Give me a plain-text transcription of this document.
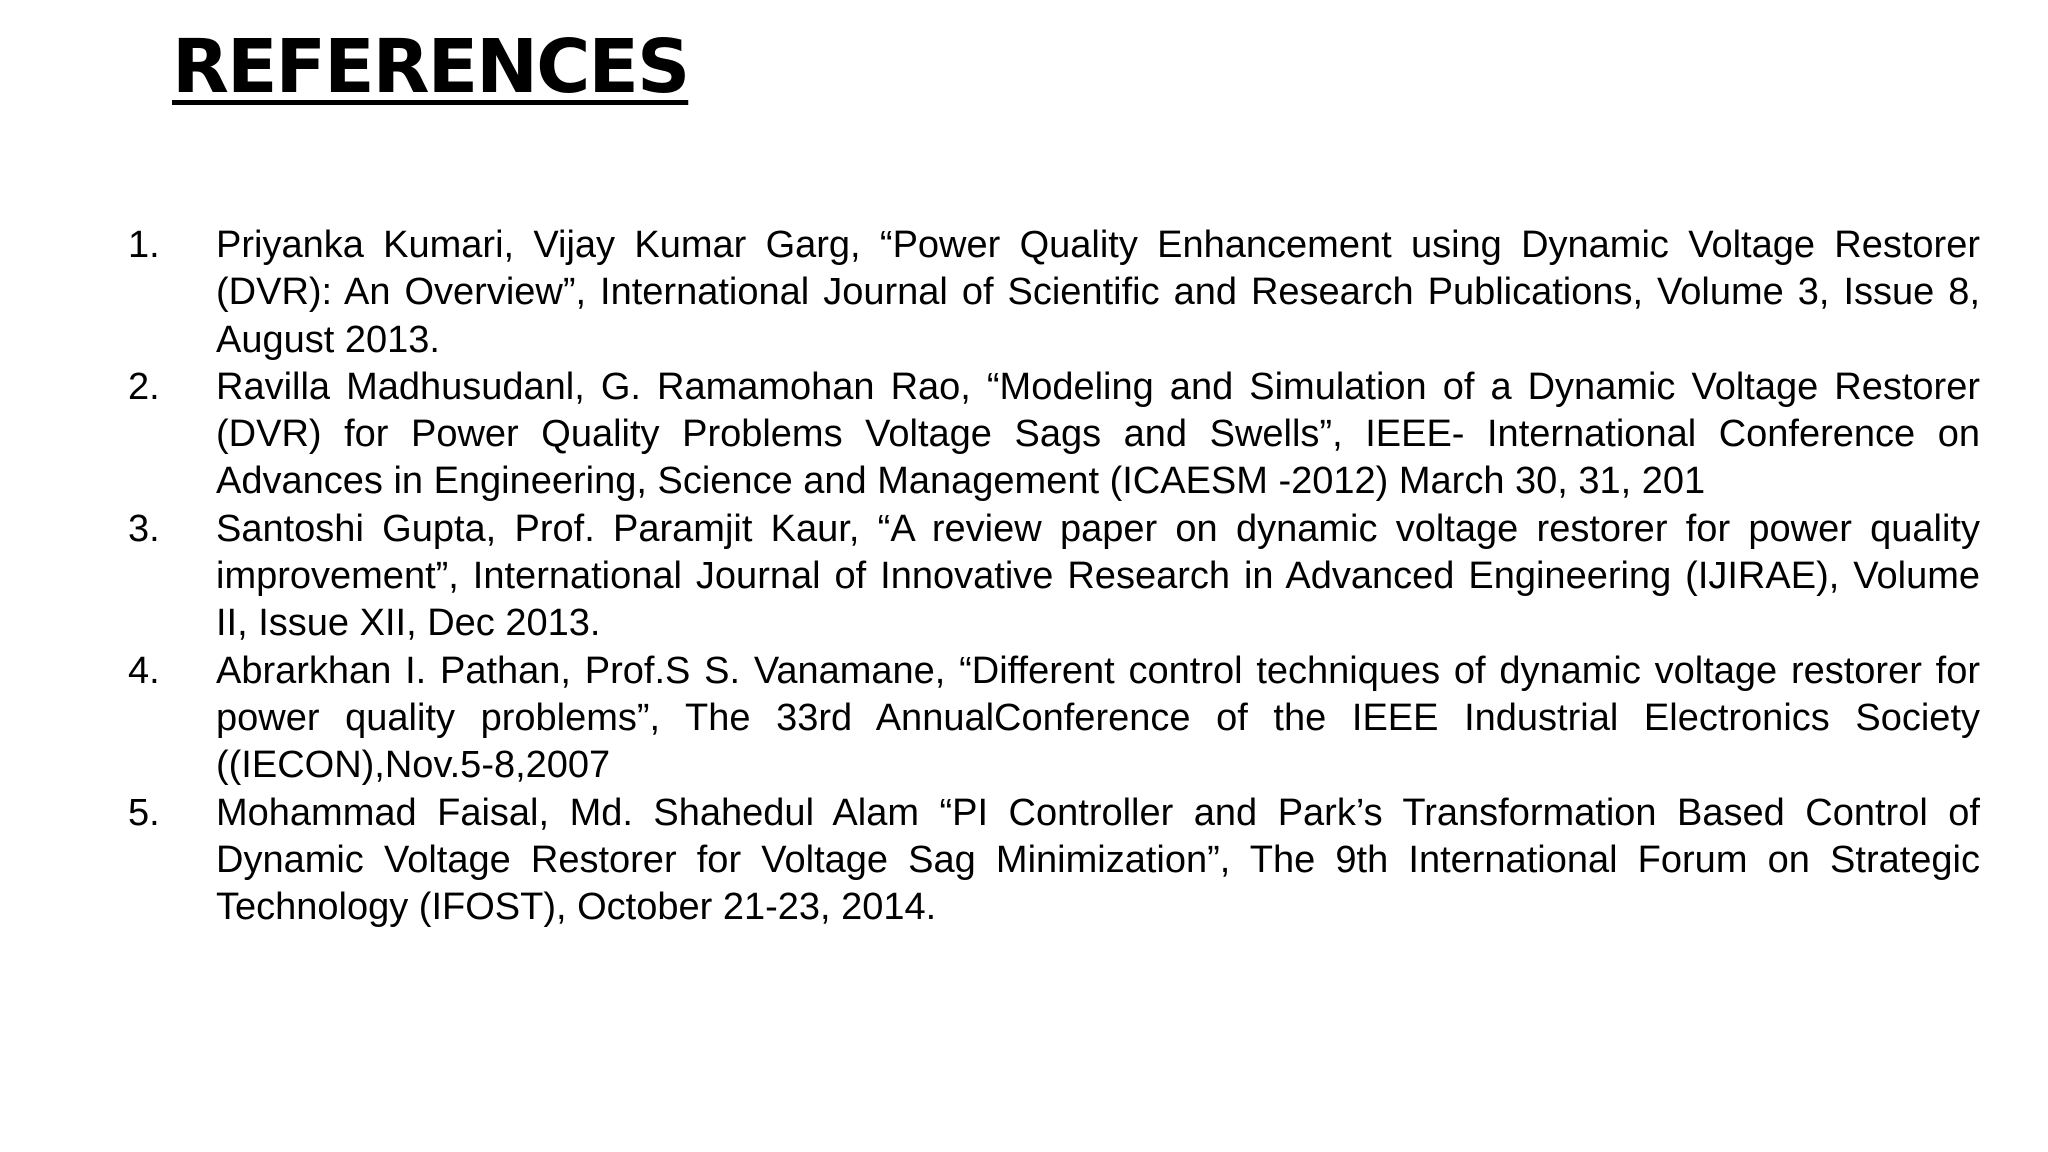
REFERENCES
1.	Priyanka Kumari, Vijay Kumar Garg, “Power Quality Enhancement using Dynamic Voltage Restorer (DVR): An Overview”, International Journal of Scientific and Research Publications, Volume 3, Issue 8, August 2013.
2.	Ravilla Madhusudanl, G. Ramamohan Rao, “Modeling and Simulation of a Dynamic Voltage Restorer (DVR) for Power Quality Problems Voltage Sags and Swells”, IEEE- International Conference on Advances in Engineering, Science and Management (ICAESM -2012) March 30, 31, 201
3.	Santoshi Gupta, Prof. Paramjit Kaur, “A review paper on dynamic voltage restorer for power quality improvement”, International Journal of Innovative Research in Advanced Engineering (IJIRAE), Volume II, Issue XII, Dec 2013.
4.	Abrarkhan I. Pathan, Prof.S S. Vanamane, “Different control techniques of dynamic voltage restorer for power quality problems”, The 33rd AnnualConference of the IEEE Industrial Electronics Society ((IECON),Nov.5-8,2007
5.	Mohammad Faisal, Md. Shahedul Alam “PI Controller and Park’s Transformation Based Control of Dynamic Voltage Restorer for Voltage Sag Minimization”, The 9th International Forum on Strategic Technology (IFOST), October 21-23, 2014.
